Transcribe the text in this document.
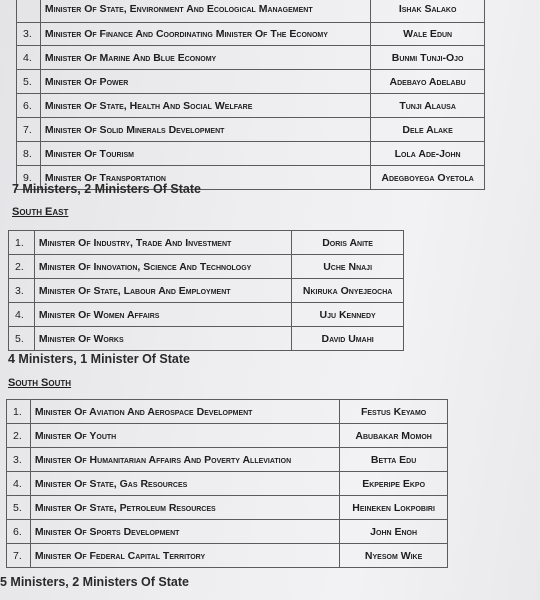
	Minister Of State, Environment And Ecological Management	Ishak Salako
3.	Minister Of Finance And Coordinating Minister Of The Economy	Wale Edun
4.	Minister Of Marine And Blue Economy	Bunmi Tunji-Ojo
5.	Minister Of Power	Adebayo Adelabu
6.	Minister Of State, Health And Social Welfare	Tunji Alausa
7.	Minister Of Solid Minerals Development	Dele Alake
8.	Minister Of Tourism	Lola Ade-John
9.	Minister Of Transportation	Adegboyega Oyetola
7 Ministers, 2 Ministers Of State
South East
1.	Minister Of Industry, Trade And Investment	Doris Anite
2.	Minister Of Innovation, Science And Technology	Uche Nnaji
3.	Minister Of State, Labour And Employment	Nkiruka Onyejeocha
4.	Minister Of Women Affairs	Uju Kennedy
5.	Minister Of Works	David Umahi
4 Ministers, 1 Minister Of State
South South
1.	Minister Of Aviation And Aerospace Development	Festus Keyamo
2.	Minister Of Youth	Abubakar Momoh
3.	Minister Of Humanitarian Affairs And Poverty Alleviation	Betta Edu
4.	Minister Of State, Gas Resources	Ekperipe Ekpo
5.	Minister Of State, Petroleum Resources	Heineken Lokpobiri
6.	Minister Of Sports Development	John Enoh
7.	Minister Of Federal Capital Territory	Nyesom Wike
5 Ministers, 2 Ministers Of State
